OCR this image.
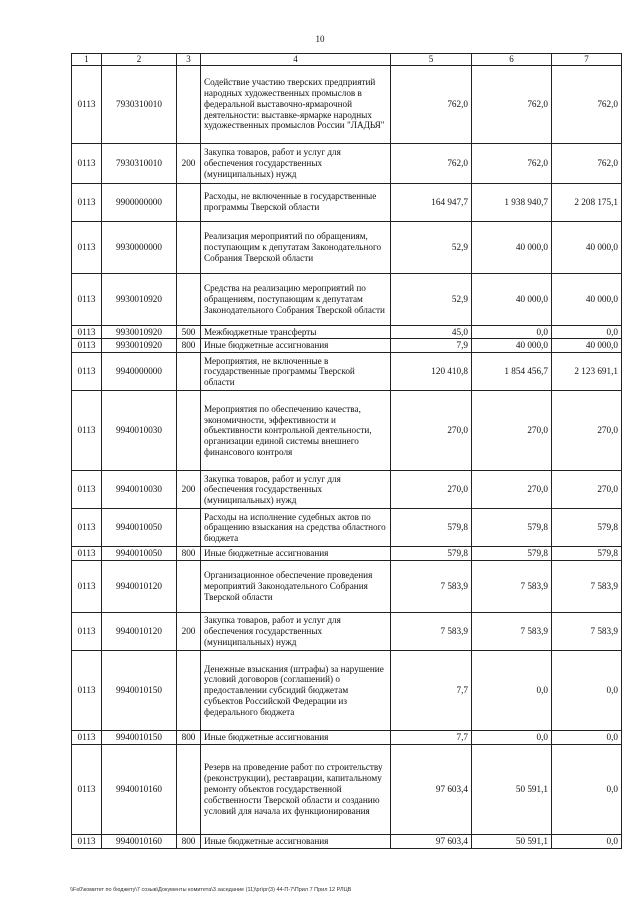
10
1	2	3	4	5	6	7
0113	7930310010		Содействие участию тверских предприятий народных художественных промыслов в федеральной выставочно-ярмарочной деятельности: выставке-ярмарке народных художественных промыслов России "ЛАДЬЯ"	762,0	762,0	762,0
0113	7930310010	200	Закупка товаров, работ и услуг для обеспечения государственных (муниципальных) нужд	762,0	762,0	762,0
0113	9900000000		Расходы, не включенные в государственные программы Тверской области	164 947,7	1 938 940,7	2 208 175,1
0113	9930000000		Реализация мероприятий по обращениям, поступающим к депутатам Законодательного Собрания Тверской области	52,9	40 000,0	40 000,0
0113	9930010920		Средства на реализацию мероприятий по обращениям, поступающим к депутатам Законодательного Собрания Тверской области	52,9	40 000,0	40 000,0
0113	9930010920	500	Межбюджетные трансферты	45,0	0,0	0,0
0113	9930010920	800	Иные бюджетные ассигнования	7,9	40 000,0	40 000,0
0113	9940000000		Мероприятия, не включенные в государственные программы Тверской области	120 410,8	1 854 456,7	2 123 691,1
0113	9940010030		Мероприятия по обеспечению качества, экономичности, эффективности и объективности контрольной деятельности, организации единой системы внешнего финансового контроля	270,0	270,0	270,0
0113	9940010030	200	Закупка товаров, работ и услуг для обеспечения государственных (муниципальных) нужд	270,0	270,0	270,0
0113	9940010050		Расходы на исполнение судебных актов по обращению взыскания на средства областного бюджета	579,8	579,8	579,8
0113	9940010050	800	Иные бюджетные ассигнования	579,8	579,8	579,8
0113	9940010120		Организационное обеспечение проведения мероприятий Законодательного Собрания Тверской области	7 583,9	7 583,9	7 583,9
0113	9940010120	200	Закупка товаров, работ и услуг для обеспечения государственных (муниципальных) нужд	7 583,9	7 583,9	7 583,9
0113	9940010150		Денежные взыскания (штрафы) за нарушение условий договоров (соглашений) о предоставлении субсидий бюджетам субъектов Российской Федерации из федерального бюджета	7,7	0,0	0,0
0113	9940010150	800	Иные бюджетные ассигнования	7,7	0,0	0,0
0113	9940010160		Резерв на проведение работ по строительству (реконструкции), реставрации, капитальному ремонту объектов государственной собственности Тверской области и созданию условий для начала их функционирования	97 603,4	50 591,1	0,0
0113	9940010160	800	Иные бюджетные ассигнования	97 603,4	50 591,1	0,0
\\Fs0\комитет по бюджету\7 созыв\Документы комитета\3 заседание (11)\рг\рг(3) 44-П-7\Прил 7 Прил 12 РЛЦВ
